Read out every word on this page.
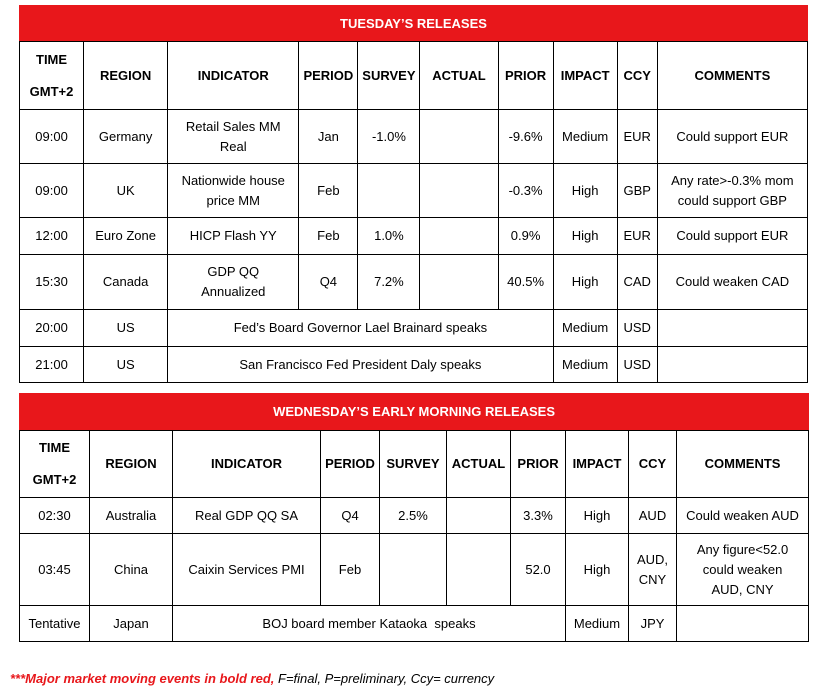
TUESDAY’S RELEASES									

TIME
GMT+2	REGION	INDICATOR	PERIOD	SURVEY	ACTUAL	PRIOR	IMPACT	CCY	COMMENTS
09:00	Germany	Retail Sales MM Real	Jan	-1.0%		-9.6%	Medium	EUR	Could support EUR
09:00	UK	Nationwide house price MM	Feb			-0.3%	High	GBP	Any rate>-0.3% mom could support GBP
12:00	Euro Zone	HICP Flash YY	Feb	1.0%		0.9%	High	EUR	Could support EUR
15:30	Canada	GDP QQ Annualized	Q4	7.2%		40.5%	High	CAD	Could weaken CAD
20:00	US	Fed’s Board Governor Lael Brainard speaks					Medium	USD	
21:00	US	San Francisco Fed President Daly speaks					Medium	USD	
WEDNESDAY’S EARLY MORNING RELEASES									

TIME
GMT+2	REGION	INDICATOR	PERIOD	SURVEY	ACTUAL	PRIOR	IMPACT	CCY	COMMENTS
02:30	Australia	Real GDP QQ SA	Q4	2.5%		3.3%	High	AUD	Could weaken AUD
03:45	China	Caixin Services PMI	Feb			52.0	High	AUD, CNY	Any figure<52.0 could weaken AUD, CNY
Tentative	Japan	BOJ board member Kataoka  speaks					Medium	JPY	
***Major market moving events in bold red, F=final, P=preliminary, Ccy= currency
